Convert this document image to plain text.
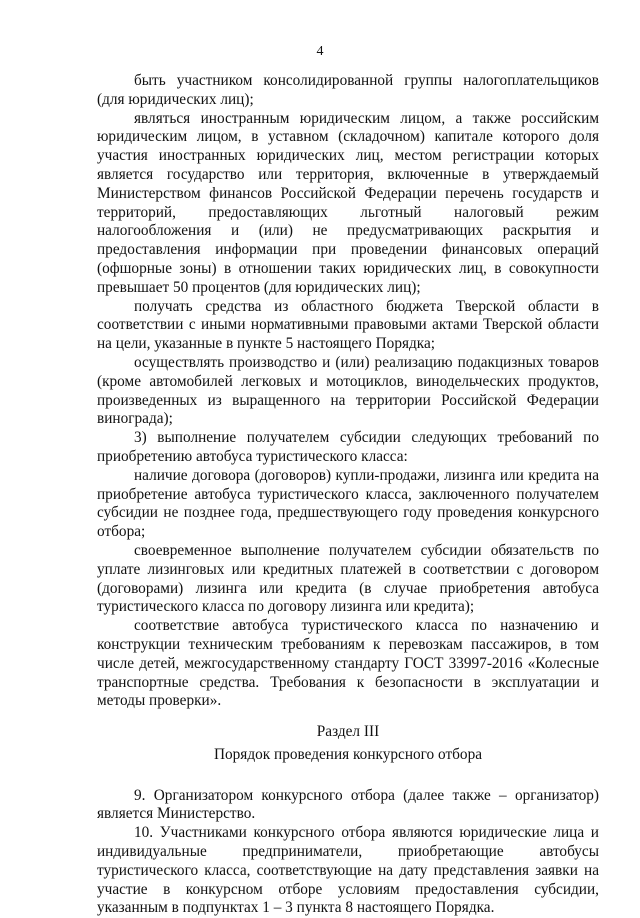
4

быть участником консолидированной группы налогоплательщиков (для юридических лиц);

являться иностранным юридическим лицом, а также российским юридическим лицом, в уставном (складочном) капитале которого доля участия иностранных юридических лиц, местом регистрации которых является государство или территория, включенные в утверждаемый Министерством финансов Российской Федерации перечень государств и территорий, предоставляющих льготный налоговый режим налогообложения и (или) не предусматривающих раскрытия и предоставления информации при проведении финансовых операций (офшорные зоны) в отношении таких юридических лиц, в совокупности превышает 50 процентов (для юридических лиц);

получать средства из областного бюджета Тверской области в соответствии с иными нормативными правовыми актами Тверской области на цели, указанные в пункте 5 настоящего Порядка;

осуществлять производство и (или) реализацию подакцизных товаров (кроме автомобилей легковых и мотоциклов, винодельческих продуктов, произведенных из выращенного на территории Российской Федерации винограда);

3) выполнение получателем субсидии следующих требований по приобретению автобуса туристического класса:

наличие договора (договоров) купли-продажи, лизинга или кредита на приобретение автобуса туристического класса, заключенного получателем субсидии не позднее года, предшествующего году проведения конкурсного отбора;

своевременное выполнение получателем субсидии обязательств по уплате лизинговых или кредитных платежей в соответствии с договором (договорами) лизинга или кредита (в случае приобретения автобуса туристического класса по договору лизинга или кредита);

соответствие автобуса туристического класса по назначению и конструкции техническим требованиям к перевозкам пассажиров, в том числе детей, межгосударственному стандарту ГОСТ 33997-2016 «Колесные транспортные средства. Требования к безопасности в эксплуатации и методы проверки».

Раздел III

Порядок проведения конкурсного отбора

9. Организатором конкурсного отбора (далее также – организатор) является Министерство.

10. Участниками конкурсного отбора являются юридические лица и индивидуальные предприниматели, приобретающие автобусы туристического класса, соответствующие на дату представления заявки на участие в конкурсном отборе условиям предоставления субсидии, указанным в подпунктах 1 – 3 пункта 8 настоящего Порядка.
